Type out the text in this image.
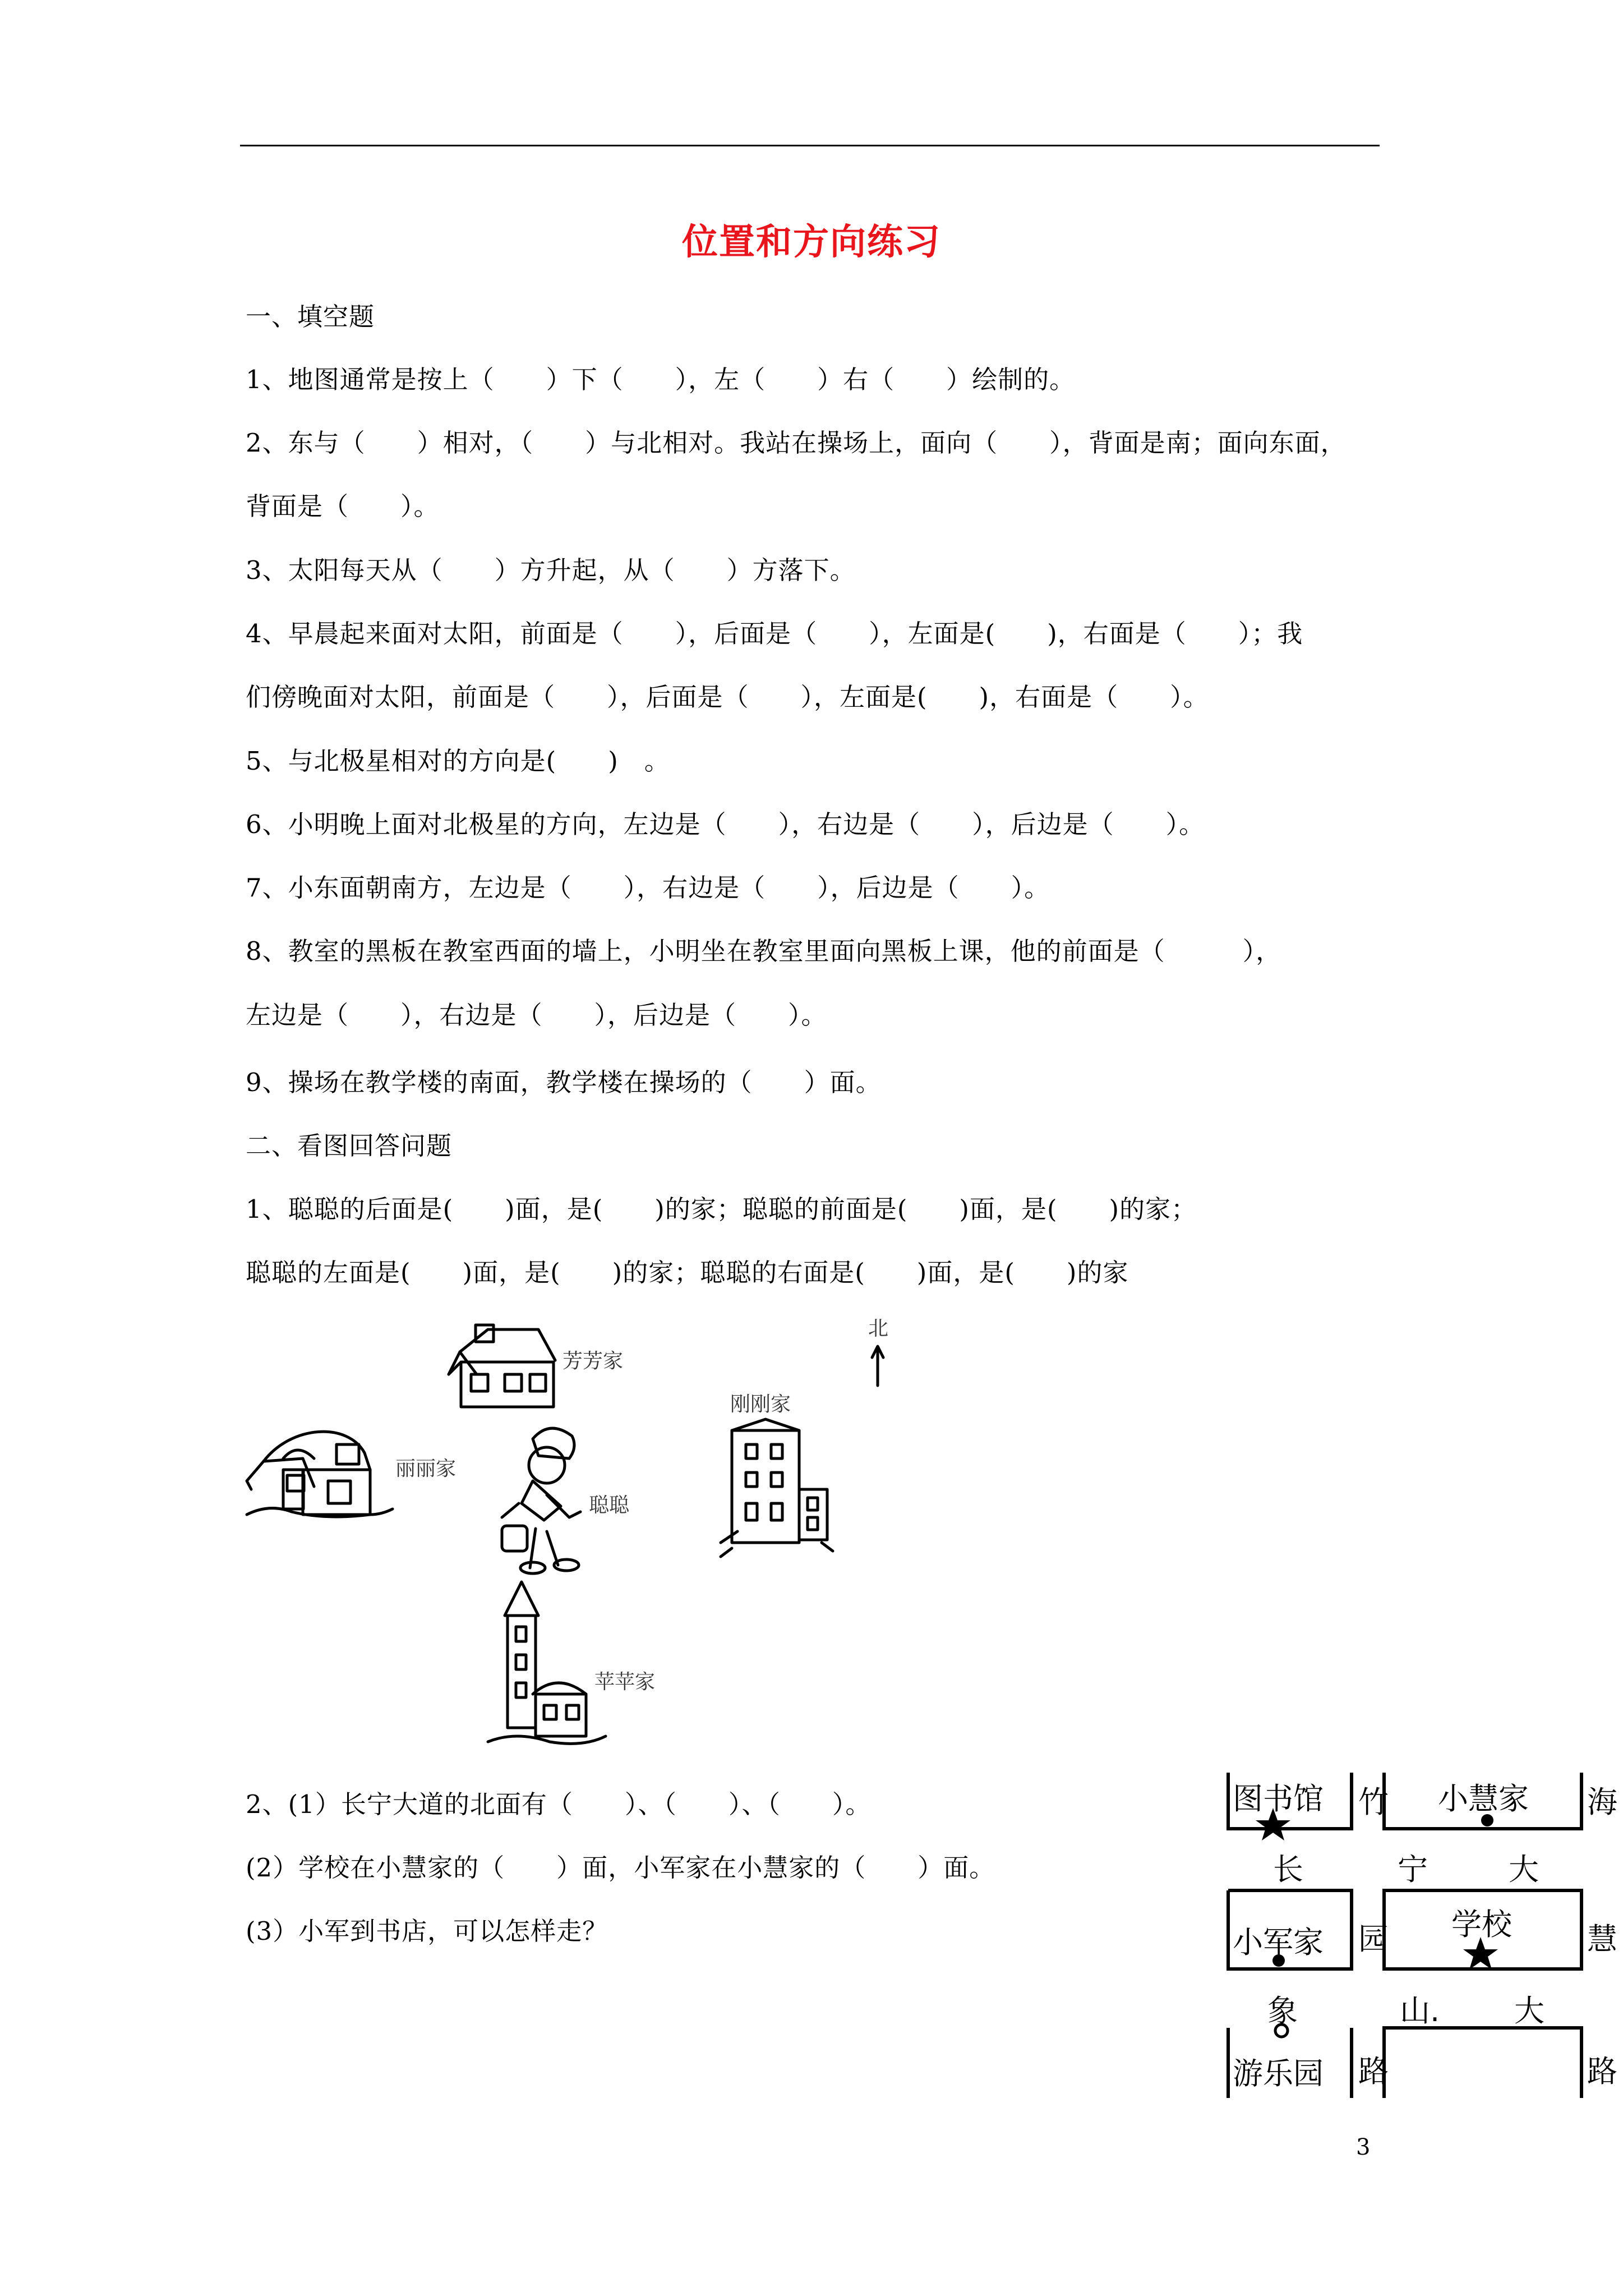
位置和方向练习
一、填空题
1、地图通常是按上（　　）下（　　），左（　　）右（　　）绘制的。
2、东与（　　）相对，（　　）与北相对。我站在操场上，面向（　　），背面是南；面向东面，
背面是（　　）。
3、太阳每天从（　　）方升起，从（　　）方落下。
4、早晨起来面对太阳，前面是（　　），后面是（　　），左面是(　　)，右面是（　　）；我
们傍晚面对太阳，前面是（　　），后面是（　　），左面是(　　)，右面是（　　）。
5、与北极星相对的方向是(　　)　。
6、小明晚上面对北极星的方向，左边是（　　），右边是（　　），后边是（　　）。
7、小东面朝南方，左边是（　　），右边是（　　），后边是（　　）。
8、教室的黑板在教室西面的墙上，小明坐在教室里面向黑板上课，他的前面是（　　　），
左边是（　　），右边是（　　），后边是（　　）。
9、操场在教学楼的南面，教学楼在操场的（　　）面。
二、看图回答问题
1、聪聪的后面是(　　)面，是(　　)的家；聪聪的前面是(　　)面，是(　　)的家；
聪聪的左面是(　　)面，是(　　)的家；聪聪的右面是(　　)面，是(　　)的家
北
芳芳家
刚刚家
丽丽家
聪聪
苹苹家
2、(1）长宁大道的北面有（　　）、（　　）、（　　）。
(2）学校在小慧家的（　　）面，小军家在小慧家的（　　）面。
(3）小军到书店，可以怎样走？
图书馆	小慧家
竹	海
长	宁	大
小军家 园 学校 慧
象	山. 大
游乐园 路	路
3
